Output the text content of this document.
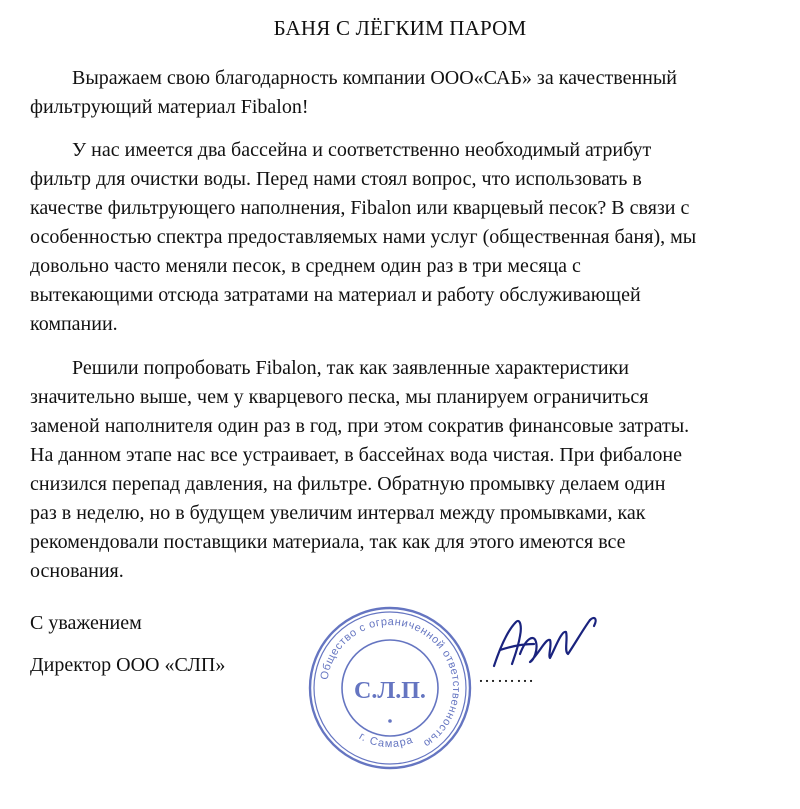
БАНЯ С ЛЁГКИМ ПАРОМ
Выражаем свою благодарность компании ООО«САБ» за качественный
фильтрующий материал Fibalon!
У нас имеется два бассейна и соответственно необходимый атрибут
фильтр для очистки воды. Перед нами стоял вопрос, что использовать в
качестве фильтрующего наполнения, Fibalon или кварцевый песок? В связи с
особенностью спектра предоставляемых нами услуг (общественная баня), мы
довольно часто меняли песок, в среднем один раз в три месяца с
вытекающими отсюда затратами на материал и работу обслуживающей
компании.
Решили попробовать Fibalon, так как заявленные характеристики
значительно выше, чем у кварцевого песка, мы планируем ограничиться
заменой наполнителя один раз в год, при этом сократив финансовые затраты.
На данном этапе нас все устраивает, в бассейнах вода чистая. При фибалоне
снизился перепад давления, на фильтре. Обратную промывку делаем один
раз в неделю, но в будущем увеличим интервал между промывками, как
рекомендовали поставщики материала, так как для этого имеются все
основания.
С уважением
Директор ООО «СЛП»	Общество с ограниченной ответственностью
г. Самара
С.Л.П.
………
